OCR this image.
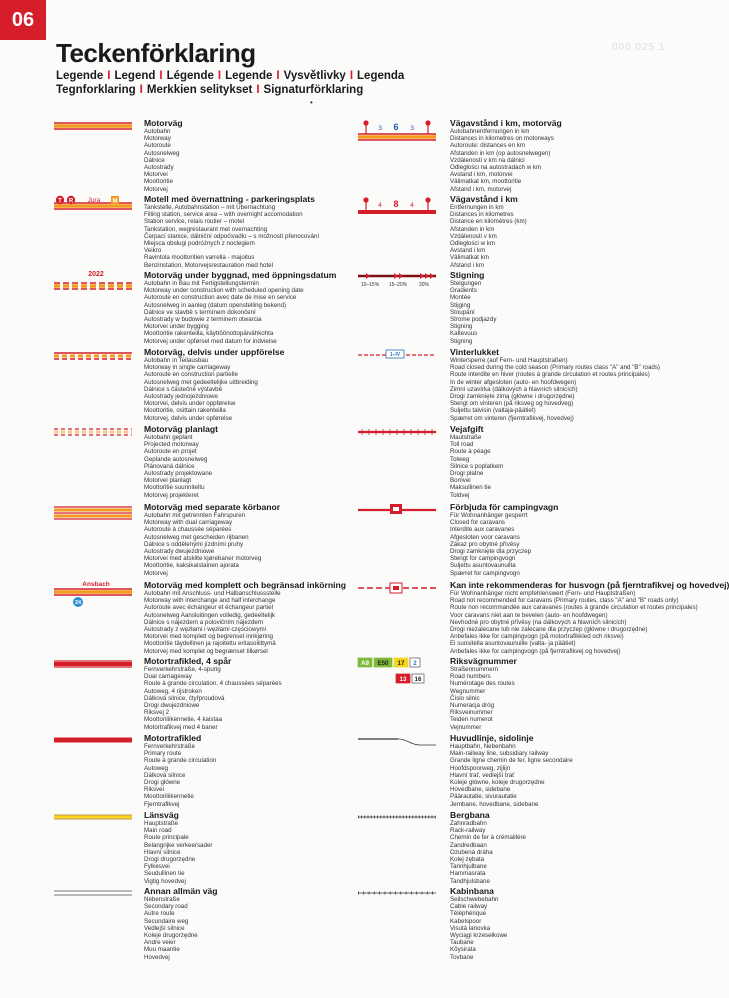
06
Teckenförklaring	000 025 1
Legende I Legend I Légende I Legende I Vysvětlivky I Legenda
Tegnforklaring I Merkkien selitykset I Signaturförklaring
•
Motorväg
Autobahn
Motorway
Autoroute
Autosnelweg
Dálnice
Autostrady
Motorvei
Moottoritie
Motorvej
T R Jura M	Motell med övernattning - parkeringsplats
Tankstelle, Autobahnstation – mit Übernachtung
Filling station, service area – with overnight accomodation
Station service, relais routier – motel
Tankstation, wegrestaurant met overnachting
Čerpací stanice, dálniční odpočivadlo – s možností přenocování
Miejsca obsługi podróżnych z noclegiem
Veikro
Ravintola moottoritien varrella - majoitus
Benzinstation, Motorvejsrestauration med hotel
2022	Motorväg under byggnad, med öppningsdatum
Autobahn in Bau mit Fertigstellungstermin
Motorway under construction with scheduled opening date
Autoroute en construction avec date de mise en service
Autosnelweg in aanleg (datum openstelling bekend)
Dálnice ve stavbě s termínem dokončení
Autostrady w budowie z terminem otwarcia
Motorvei under bygging
Moottoritie rakenteilla, käyttöönottopäivähkohta
Motorvej under opførsel med datum for indvielse
Motorväg, delvis under uppförelse
Autobahn in Teilausbau
Motorway in single carriageway
Autoroute en construction partielle
Autosnelweg met gedeeltelijke uitbreiding
Dálnice s částečně výstavbě
Autostrady jednojezdniowe
Motorvei, delvis under oppførelse
Moottoritie, osittain rakenteilla
Motorvej, delvis under opførelse
Motorväg planlagt
Autobahn geplant
Projected motorway
Autoroute en projet
Geplande autosnelweg
Plánovaná dálnice
Autostrady projektowane
Motorvei planlagt
Moottoritie suunniteltu
Motorvej projekteret
Motorväg med separate körbanor
Autobahn mit getrennten Fahrspuren
Motorway with dual carriageway
Autoroute à chaussée séparées
Autosnelweg met gescheiden rijbanen
Dálnice s oddělenými jízdními pruhy
Autostrady dwujezdniowe
Motorvei med atskilte kjørebaner motorveg
Moottoritie, kaksikaistainen ajorata
Motorvej
Ansbach
24
Motorväg med komplett och begränsad inkörning
Autobahn mit Anschluss- und Halbanschlussstelle
Motorway with interchange and half interchange
Autoroute avec échangeur et échangeur partiel
Autosnelweg Aansluitingen volledig, gedeeltelijk
Dálnice s nájezdem a polovičním nájezdem
Autostrady z węzłami i węzłami częściowymi
Motorvei med komplett og begrenset innkjøring
Moottoritie täydellinen ja rajoitettu eritasoliittymä
Motorvej med komplet og begrænset tilkørsel
Motortrafikled, 4 spår
Fernverkehrstraße, 4-spurig
Dual carriageway
Route à grande circulation, 4 chaussées séparées
Autoweg, 4 rijstroken
Dálková silnice, čtyřproudová
Drogi dwujezdniowe
Riksvej 2
Moottoriliikennetie, 4 kaistaa
Motortrafikvej med 4 baner
Motortrafikled
Fernverkehrstraße
Primary route
Route à grande circulation
Autoweg
Dálková silnice
Drogi główne
Riksvei
Moottoriliikennetie
Fjerntrafikvej
Länsväg
Hauptstraße
Main road
Route principale
Belangrijke verkeersader
Hlavní silnice
Drogi drugorzędne
Fylkesvei
Seudullinen tie
Vigtig hovedvej
Annan allmän väg
Nebenstraße
Secondary road
Autre route
Secundaire weg
Vedlejší silnice
Koleje drugorzędne
Andre veier
Muu maantie
Hovedvej
3 6 3
Vägavstånd i km, motorväg
Autobahnentfernungen in km
Distances in kilometres on motorways
Autoroute: distances en km
Afstanden in km (op autosnelwegen)
Vzdálenosti v km na dálnici
Odległości na autostradach w km
Avstand i km, motorvei
Välimatkat km, moottoritie
Afstand i km, motorvej
4 8 4
Vägavstånd i km
Entfernungen in km
Distances in kilometres
Distance en kilomètres (km)
Afstanden in km
Vzdálenosti v km
Odległości w km
Avstand i km
Välimatkat km
Afstand i km
10–15% 15–20% 20%
Stigning
Steigungen
Gradients
Montée
Stijging
Stoupání
Strome podjazdy
Stigning
Kaltevuus
Stigning
1–IV	Vinterlukket
Wintersperre (auf Fern- und Hauptstraßen)
Road closed during the cold season (Primary routes class "A" and "B" roads)
Route interdite en hiver (routes à grande circulation et routes principales)
In de winter afgesloten (auto- en hoofdwegen)
Zimní uzavírka (dálkových a hlavních silnicích)
Drogi zamknięte zimą (główne i drugorzędne)
Stengt om vinteren (på riksveg og hovedveg)
Suljettu talvisin (valtaja-päätiet)
Spærret om vinteren (fjerntrafikvej, hovedvej)
Vejafgift
Mautstraße
Toll road
Route à péage
Tolweg
Silnice s poplatkem
Drogi płatne
Bomvei
Maksullinen tie
Toldvej
Förbjuda för campingvagn
Für Wohnanhänger gesperrt
Closed for caravans
Interdite aux caravanes
Afgesloten voor caravans
Zákaz pro obytné přívěsy
Drogi zamknięte dla przyczep
Stengt for campingvogn
Suljettu asuntovaunuilta
Spærret for campingvogn
Kan inte rekommenderas for husvogn (på fjerntrafikvej og hovedvej)
Für Wohnanhänger nicht empfehlenswert (Fern- und Hauptstraßen)
Road not recommended for caravans (Primary routes, class "A" and "B" roads only)
Route non recommandée aux caravanes (routes à grande circulation et routes principales)
Voor caravans niet aan te bevelen (auto- en hoofdwegen)
Nevhodné pro obytné přívěsy (na dálkových a hlavních silnicích)
Drogi niezalecane lub nie zalecane dla przyczep (główne i drugorzędne)
Anbefales ikke for campingvogn (på motortrafikkled och riksvei)
Ei suositella asuntovaunuille (valta- ja päätiet)
Anbefales ikke for campingvogn (på fjerntrafikvej og hovedvej)
A9 E50 17 2
13 16
Riksvägnummer
Straßennummern
Road numbers
Numérotage des routes
Wegnummer
Číslo silnic
Numeracja dróg
Riksveinummer
Teiden numerot
Vejnummer
Huvudlinje, sidolinje
Hauptbahn, Nebenbahn
Main-railway line, subsidiary railway
Grande ligne chemin de fer, ligne secondaire
Hoofdspoorweg, zijlijn
Hlavní trať, vedlejší trať
Koleje główne, koleje drugorzędne
Hovedbane, sidebane
Päärautatie, sivurautatie
Jernbane, hovedbane, sidebane
Bergbana
Zahnradbahn
Rack-railway
Chemin de fer à crémaillère
Zandredbaan
Ozubená dráha
Kolej zębata
Tannhjulbane
Hammasrata
Tandhjulsbane
Kabinbana
Seilschwebebahn
Cable railway
Téléphérique
Kabelspoor
Visutá lanovka
Wyciągi krzesełkowe
Taubane
Köysirata
Tovbane
